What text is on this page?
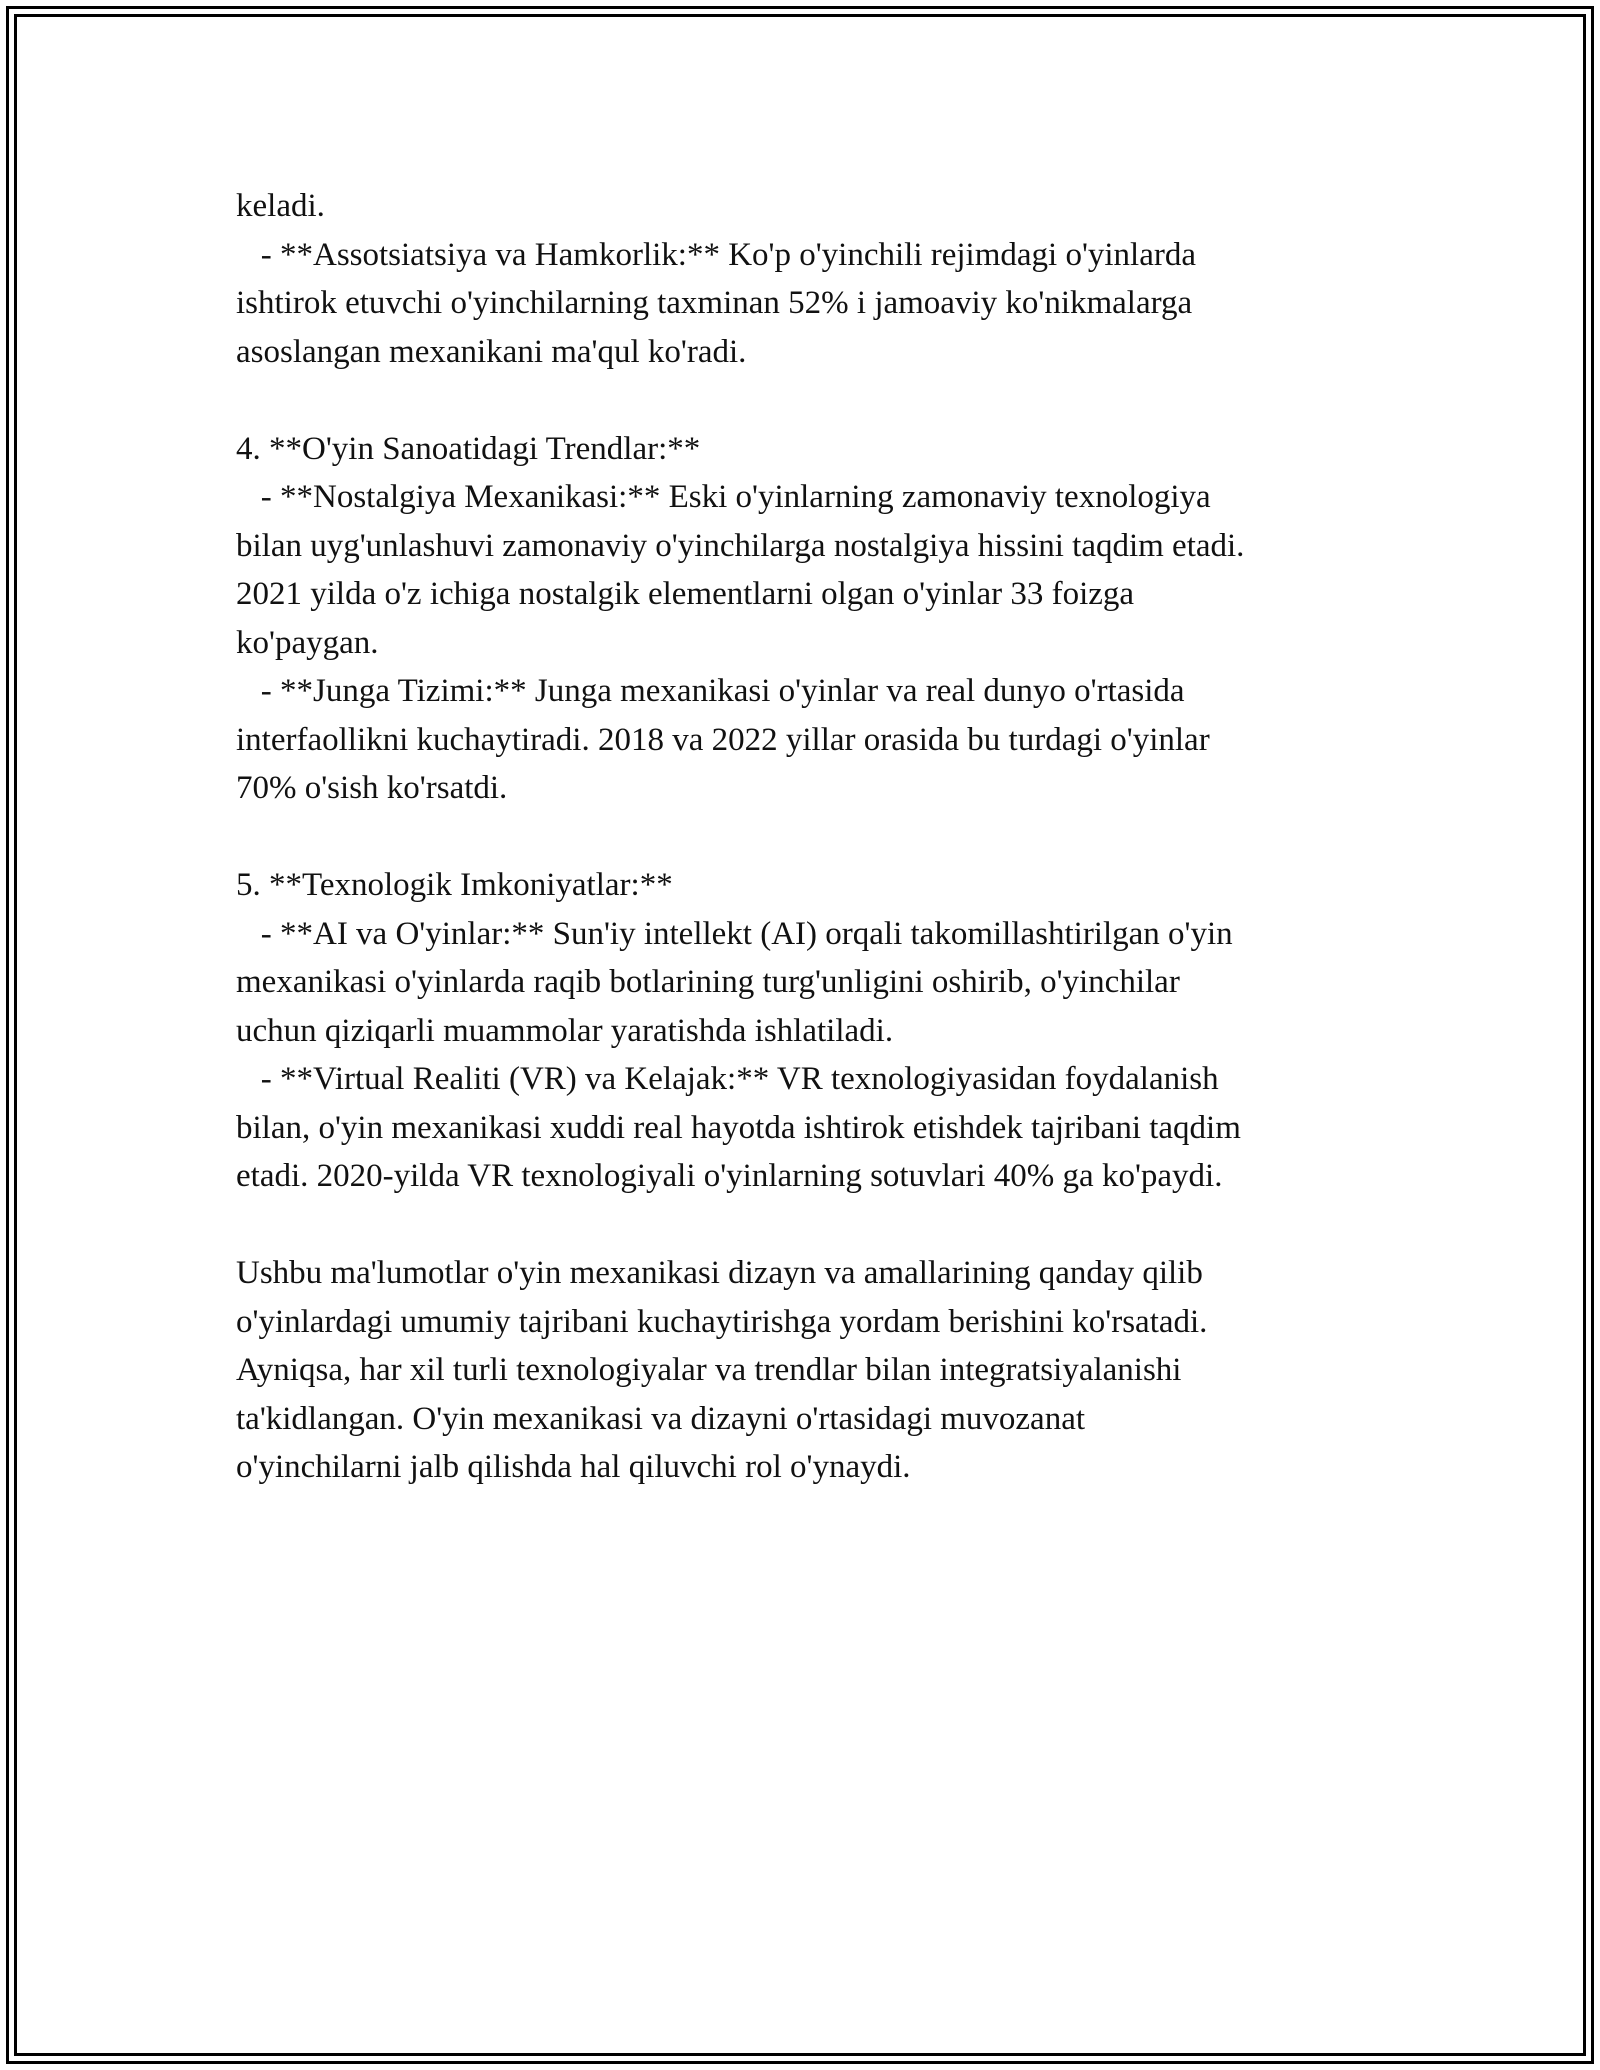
keladi.
- **Assotsiatsiya va Hamkorlik:** Ko'p o'yinchili rejimdagi o'yinlarda
ishtirok etuvchi o'yinchilarning taxminan 52% i jamoaviy ko'nikmalarga
asoslangan mexanikani ma'qul ko'radi.
4. **O'yin Sanoatidagi Trendlar:**
- **Nostalgiya Mexanikasi:** Eski o'yinlarning zamonaviy texnologiya
bilan uyg'unlashuvi zamonaviy o'yinchilarga nostalgiya hissini taqdim etadi.
2021 yilda o'z ichiga nostalgik elementlarni olgan o'yinlar 33 foizga
ko'paygan.
- **Junga Tizimi:** Junga mexanikasi o'yinlar va real dunyo o'rtasida
interfaollikni kuchaytiradi. 2018 va 2022 yillar orasida bu turdagi o'yinlar
70% o'sish ko'rsatdi.
5. **Texnologik Imkoniyatlar:**
- **AI va O'yinlar:** Sun'iy intellekt (AI) orqali takomillashtirilgan o'yin
mexanikasi o'yinlarda raqib botlarining turg'unligini oshirib, o'yinchilar
uchun qiziqarli muammolar yaratishda ishlatiladi.
- **Virtual Realiti (VR) va Kelajak:** VR texnologiyasidan foydalanish
bilan, o'yin mexanikasi xuddi real hayotda ishtirok etishdek tajribani taqdim
etadi. 2020-yilda VR texnologiyali o'yinlarning sotuvlari 40% ga ko'paydi.
Ushbu ma'lumotlar o'yin mexanikasi dizayn va amallarining qanday qilib
o'yinlardagi umumiy tajribani kuchaytirishga yordam berishini ko'rsatadi.
Ayniqsa, har xil turli texnologiyalar va trendlar bilan integratsiyalanishi
ta'kidlangan. O'yin mexanikasi va dizayni o'rtasidagi muvozanat
o'yinchilarni jalb qilishda hal qiluvchi rol o'ynaydi.
